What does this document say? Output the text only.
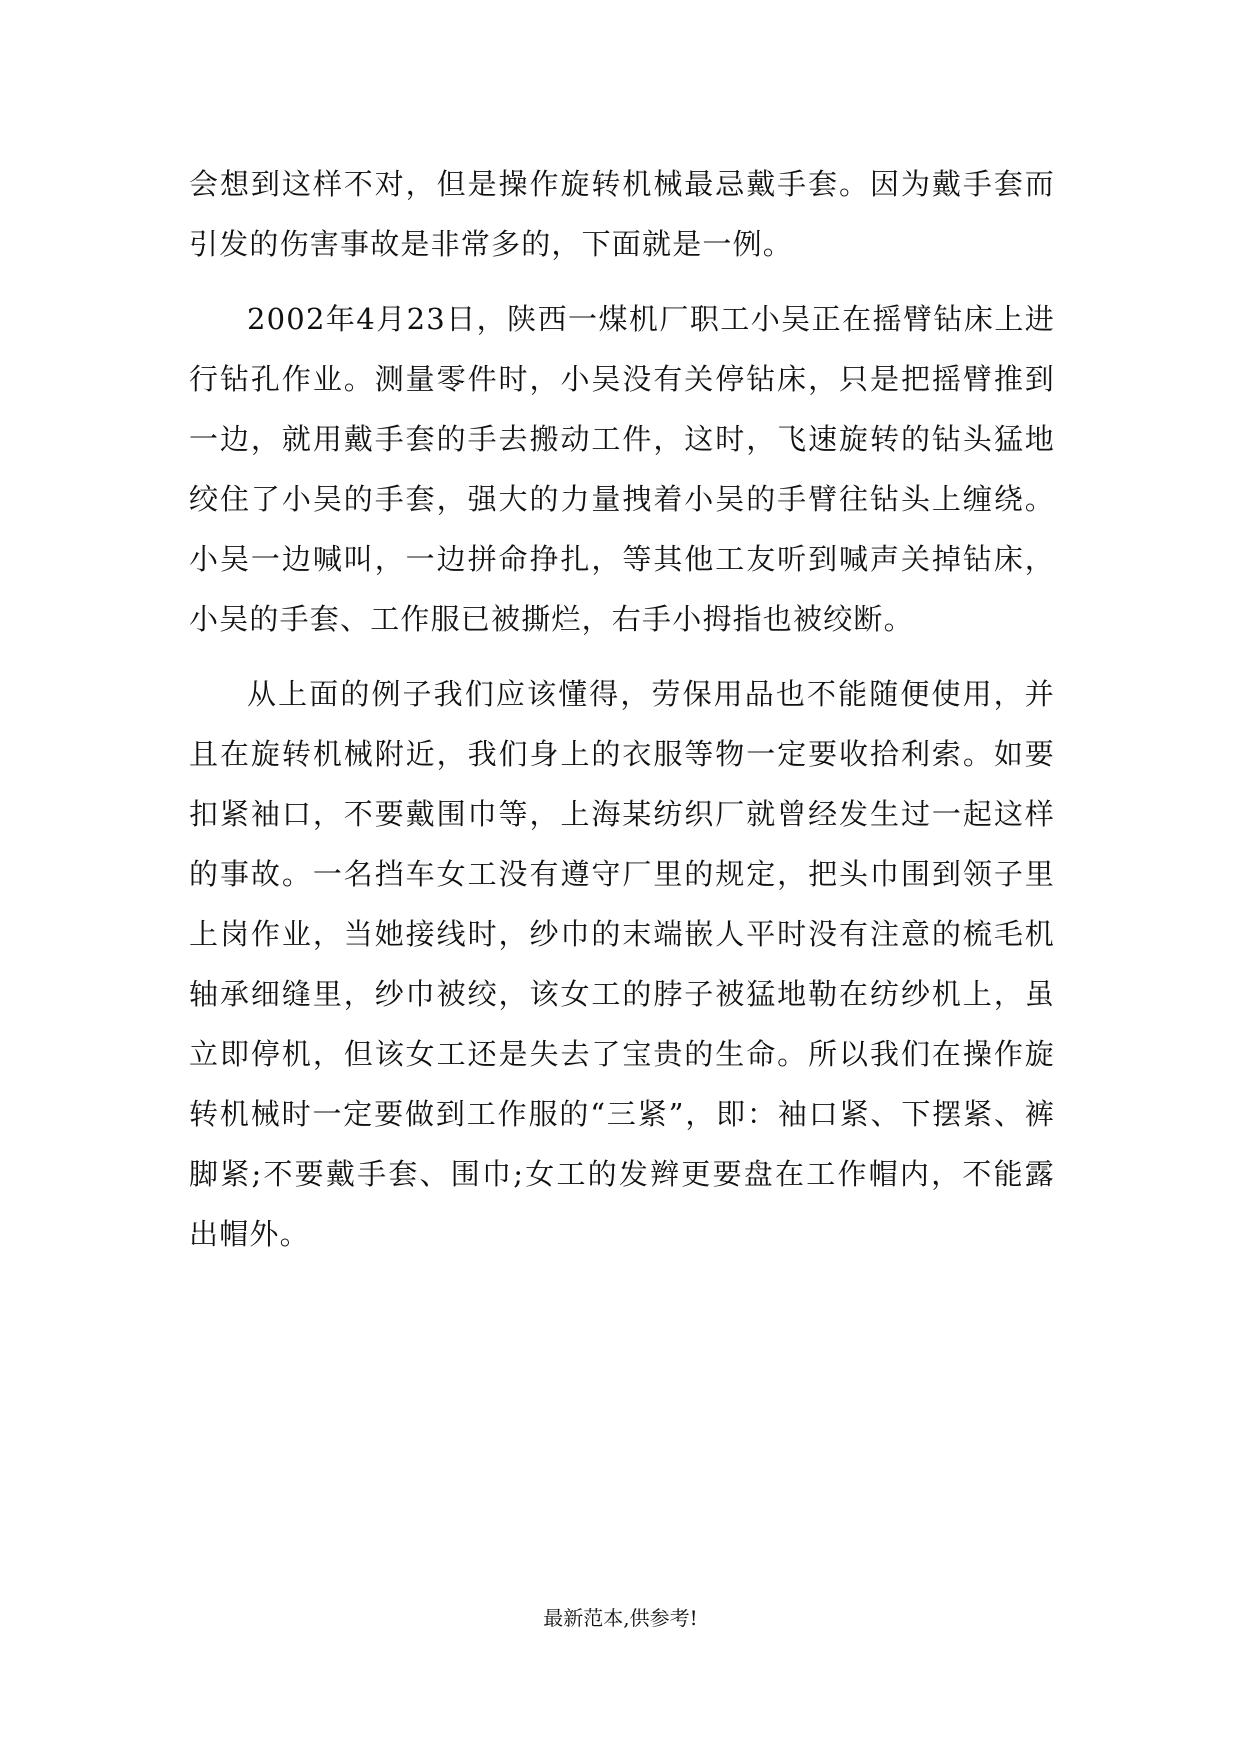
会想到这样不对，但是操作旋转机械最忌戴手套。因为戴手套而引发的伤害事故是非常多的，下面就是一例。

2002年4月23日，陕西一煤机厂职工小吴正在摇臂钻床上进行钻孔作业。测量零件时，小吴没有关停钻床，只是把摇臂推到一边，就用戴手套的手去搬动工件，这时，飞速旋转的钻头猛地绞住了小吴的手套，强大的力量拽着小吴的手臂往钻头上缠绕。小吴一边喊叫，一边拼命挣扎，等其他工友听到喊声关掉钻床，小吴的手套、工作服已被撕烂，右手小拇指也被绞断。

从上面的例子我们应该懂得，劳保用品也不能随便使用，并且在旋转机械附近，我们身上的衣服等物一定要收拾利索。如要扣紧袖口，不要戴围巾等，上海某纺织厂就曾经发生过一起这样的事故。一名挡车女工没有遵守厂里的规定，把头巾围到领子里上岗作业，当她接线时，纱巾的末端嵌人平时没有注意的梳毛机轴承细缝里，纱巾被绞，该女工的脖子被猛地勒在纺纱机上，虽立即停机，但该女工还是失去了宝贵的生命。所以我们在操作旋转机械时一定要做到工作服的“三紧”，即：袖口紧、下摆紧、裤脚紧;不要戴手套、围巾;女工的发辫更要盘在工作帽内，不能露出帽外。

最新范本,供参考!
